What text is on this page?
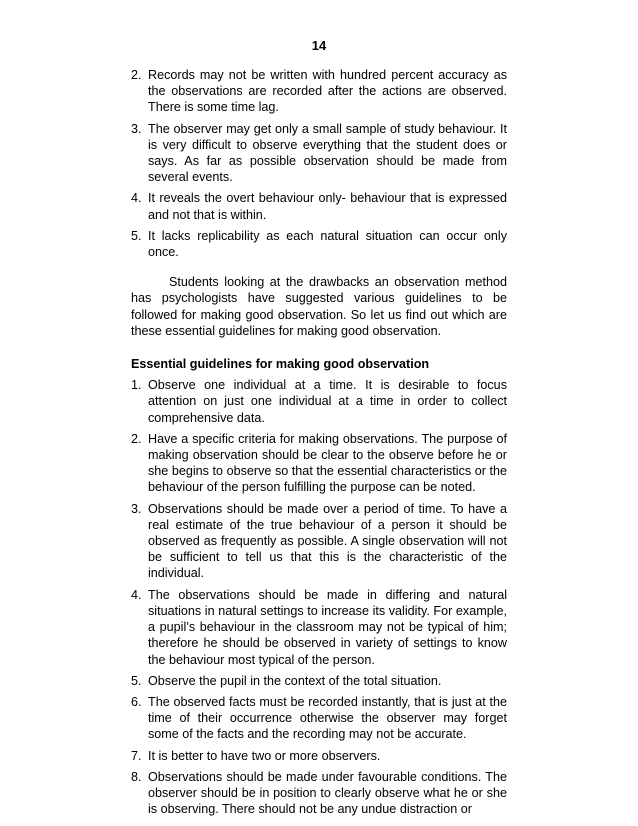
14
2. Records may not be written with hundred percent accuracy as the observations are recorded after the actions are observed. There is some time lag.
3. The observer may get only a small sample of study behaviour. It is very difficult to observe everything that the student does or says. As far as possible observation should be made from several events.
4. It reveals the overt behaviour only- behaviour that is expressed and not that is within.
5. It lacks replicability as each natural situation can occur only once.

Students looking at the drawbacks an observation method has psychologists have suggested various guidelines to be followed for making good observation. So let us find out which are these essential guidelines for making good observation.

Essential guidelines for making good observation
1. Observe one individual at a time. It is desirable to focus attention on just one individual at a time in order to collect comprehensive data.
2. Have a specific criteria for making observations. The purpose of making observation should be clear to the observe before he or she begins to observe so that the essential characteristics or the behaviour of the person fulfilling the purpose can be noted.
3. Observations should be made over a period of time. To have a real estimate of the true behaviour of a person it should be observed as frequently as possible. A single observation will not be sufficient to tell us that this is the characteristic of the individual.
4. The observations should be made in differing and natural situations in natural settings to increase its validity. For example, a pupil’s behaviour in the classroom may not be typical of him; therefore he should be observed in variety of settings to know the behaviour most typical of the person.
5. Observe the pupil in the context of the total situation.
6. The observed facts must be recorded instantly, that is just at the time of their occurrence otherwise the observer may forget some of the facts and the recording may not be accurate.
7. It is better to have two or more observers.
8. Observations should be made under favourable conditions. The observer should be in position to clearly observe what he or she is observing. There should not be any undue distraction or
